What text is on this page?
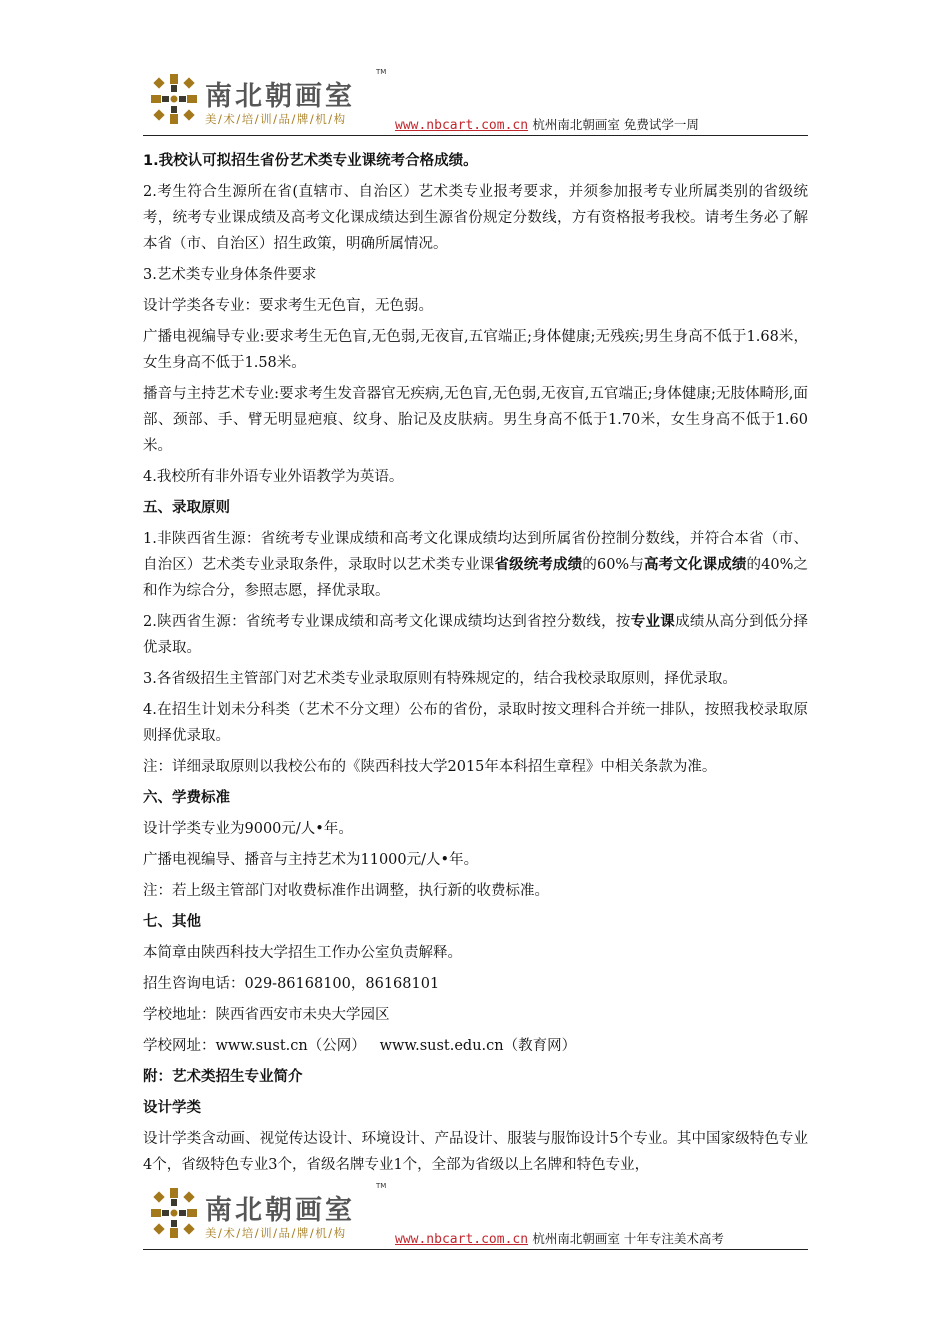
南北朝画室
TM
美/术/培/训/品/牌/机/构	www.nbcart.com.cn 杭州南北朝画室 免费试学一周

1.我校认可拟招生省份艺术类专业课统考合格成绩。

2.考生符合生源所在省(直辖市、自治区）艺术类专业报考要求，并须参加报考专业所属类别的省级统考，统考专业课成绩及高考文化课成绩达到生源省份规定分数线，方有资格报考我校。请考生务必了解本省（市、自治区）招生政策，明确所属情况。

3.艺术类专业身体条件要求

设计学类各专业：要求考生无色盲，无色弱。

广播电视编导专业:要求考生无色盲,无色弱,无夜盲,五官端正;身体健康;无残疾;男生身高不低于1.68米，女生身高不低于1.58米。

播音与主持艺术专业:要求考生发音器官无疾病,无色盲,无色弱,无夜盲,五官端正;身体健康;无肢体畸形,面部、颈部、手、臂无明显疤痕、纹身、胎记及皮肤病。男生身高不低于1.70米，女生身高不低于1.60米。

4.我校所有非外语专业外语教学为英语。

五、录取原则

1.非陕西省生源：省统考专业课成绩和高考文化课成绩均达到所属省份控制分数线，并符合本省（市、自治区）艺术类专业录取条件，录取时以艺术类专业课省级统考成绩的60%与高考文化课成绩的40%之和作为综合分，参照志愿，择优录取。

2.陕西省生源：省统考专业课成绩和高考文化课成绩均达到省控分数线，按专业课成绩从高分到低分择优录取。

3.各省级招生主管部门对艺术类专业录取原则有特殊规定的，结合我校录取原则，择优录取。

4.在招生计划未分科类（艺术不分文理）公布的省份，录取时按文理科合并统一排队，按照我校录取原则择优录取。

注：详细录取原则以我校公布的《陕西科技大学2015年本科招生章程》中相关条款为准。

六、学费标准

设计学类专业为9000元/人•年。

广播电视编导、播音与主持艺术为11000元/人•年。

注：若上级主管部门对收费标准作出调整，执行新的收费标准。

七、其他

本简章由陕西科技大学招生工作办公室负责解释。

招生咨询电话：029-86168100，86168101

学校地址：陕西省西安市未央大学园区

学校网址：www.sust.cn（公网）   www.sust.edu.cn（教育网）

附：艺术类招生专业简介

设计学类

设计学类含动画、视觉传达设计、环境设计、产品设计、服装与服饰设计5个专业。其中国家级特色专业4个，省级特色专业3个，省级名牌专业1个，全部为省级以上名牌和特色专业，

南北朝画室
TM
美/术/培/训/品/牌/机/构	www.nbcart.com.cn 杭州南北朝画室 十年专注美术高考
